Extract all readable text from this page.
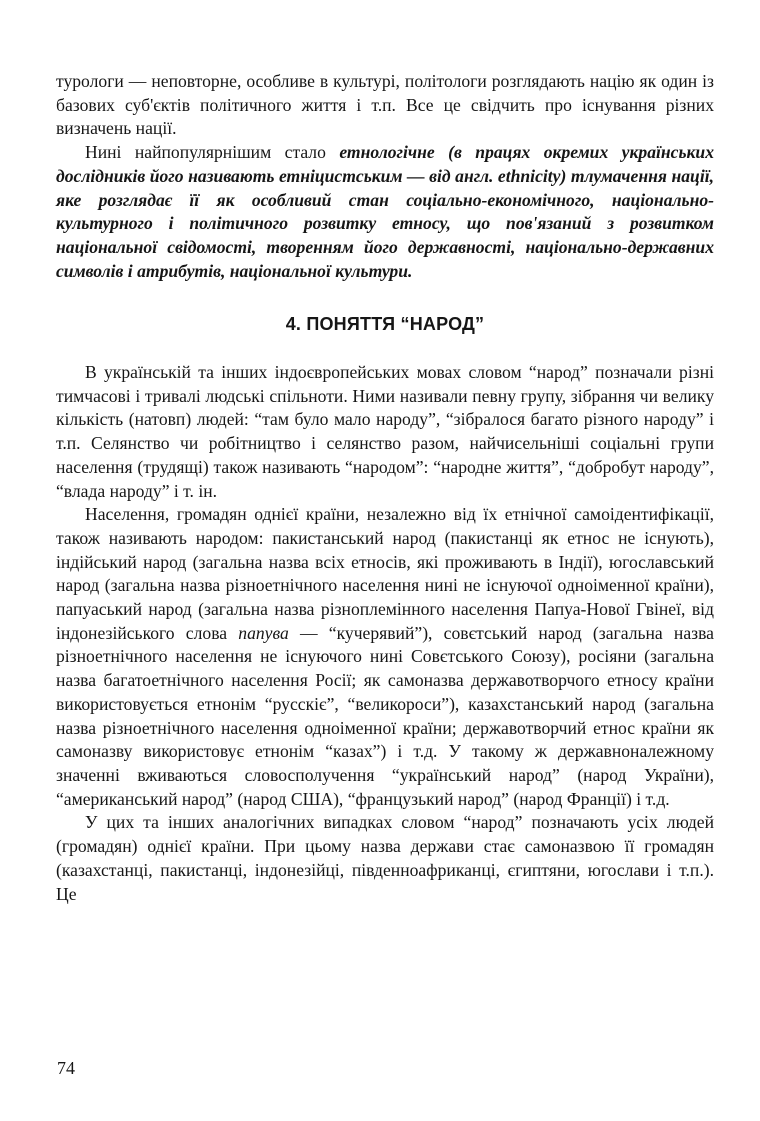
турологи — неповторне, особливе в культурі, політологи розглядають націю як один із базових суб'єктів політичного життя і т.п. Все це свідчить про існування різних визначень нації.

Нині найпопулярнішим стало етнологічне (в працях окремих українських дослідників його називають етніцистським — від англ. ethnicity) тлумачення нації, яке розглядає її як особливий стан соціально-економічного, національно-культурного і політичного розвитку етносу, що пов'язаний з розвитком національної свідомості, творенням його державності, національно-державних символів і атрибутів, національної культури.

4. ПОНЯТТЯ “НАРОД”

В українській та інших індоєвропейських мовах словом “народ” позначали різні тимчасові і тривалі людські спільноти. Ними називали певну групу, зібрання чи велику кількість (натовп) людей: “там було мало народу”, “зібралося багато різного народу” і т.п. Селянство чи робітництво і селянство разом, найчисельніші соціальні групи населення (трудящі) також називають “народом”: “народне життя”, “добробут народу”, “влада народу” і т. ін.

Населення, громадян однієї країни, незалежно від їх етнічної самоідентифікації, також називають народом: пакистанський народ (пакистанці як етнос не існують), індійський народ (загальна назва всіх етносів, які проживають в Індії), югославський народ (загальна назва різноетнічного населення нині не існуючої одноіменної країни), папуаський народ (загальна назва різноплемінного населення Папуа-Нової Гвінеї, від індонезійського слова папува — “кучерявий”), совєтський народ (загальна назва різноетнічного населення не існуючого нині Совєтського Союзу), росіяни (загальна назва багатоетнічного населення Росії; як самоназва державотворчого етносу країни використовується етнонім “русскіє”, “великороси”), казахстанський народ (загальна назва різноетнічного населення одноіменної країни; державотворчий етнос країни як самоназву використовує етнонім “казах”) і т.д. У такому ж державноналежному значенні вживаються словосполучення “український народ” (народ України), “американський народ” (народ США), “французький народ” (народ Франції) і т.д.

У цих та інших аналогічних випадках словом “народ” позначають усіх людей (громадян) однієї країни. При цьому назва держави стає самоназвою її громадян (казахстанці, пакистанці, індонезійці, південноафриканці, єгиптяни, югослави і т.п.). Це

74
